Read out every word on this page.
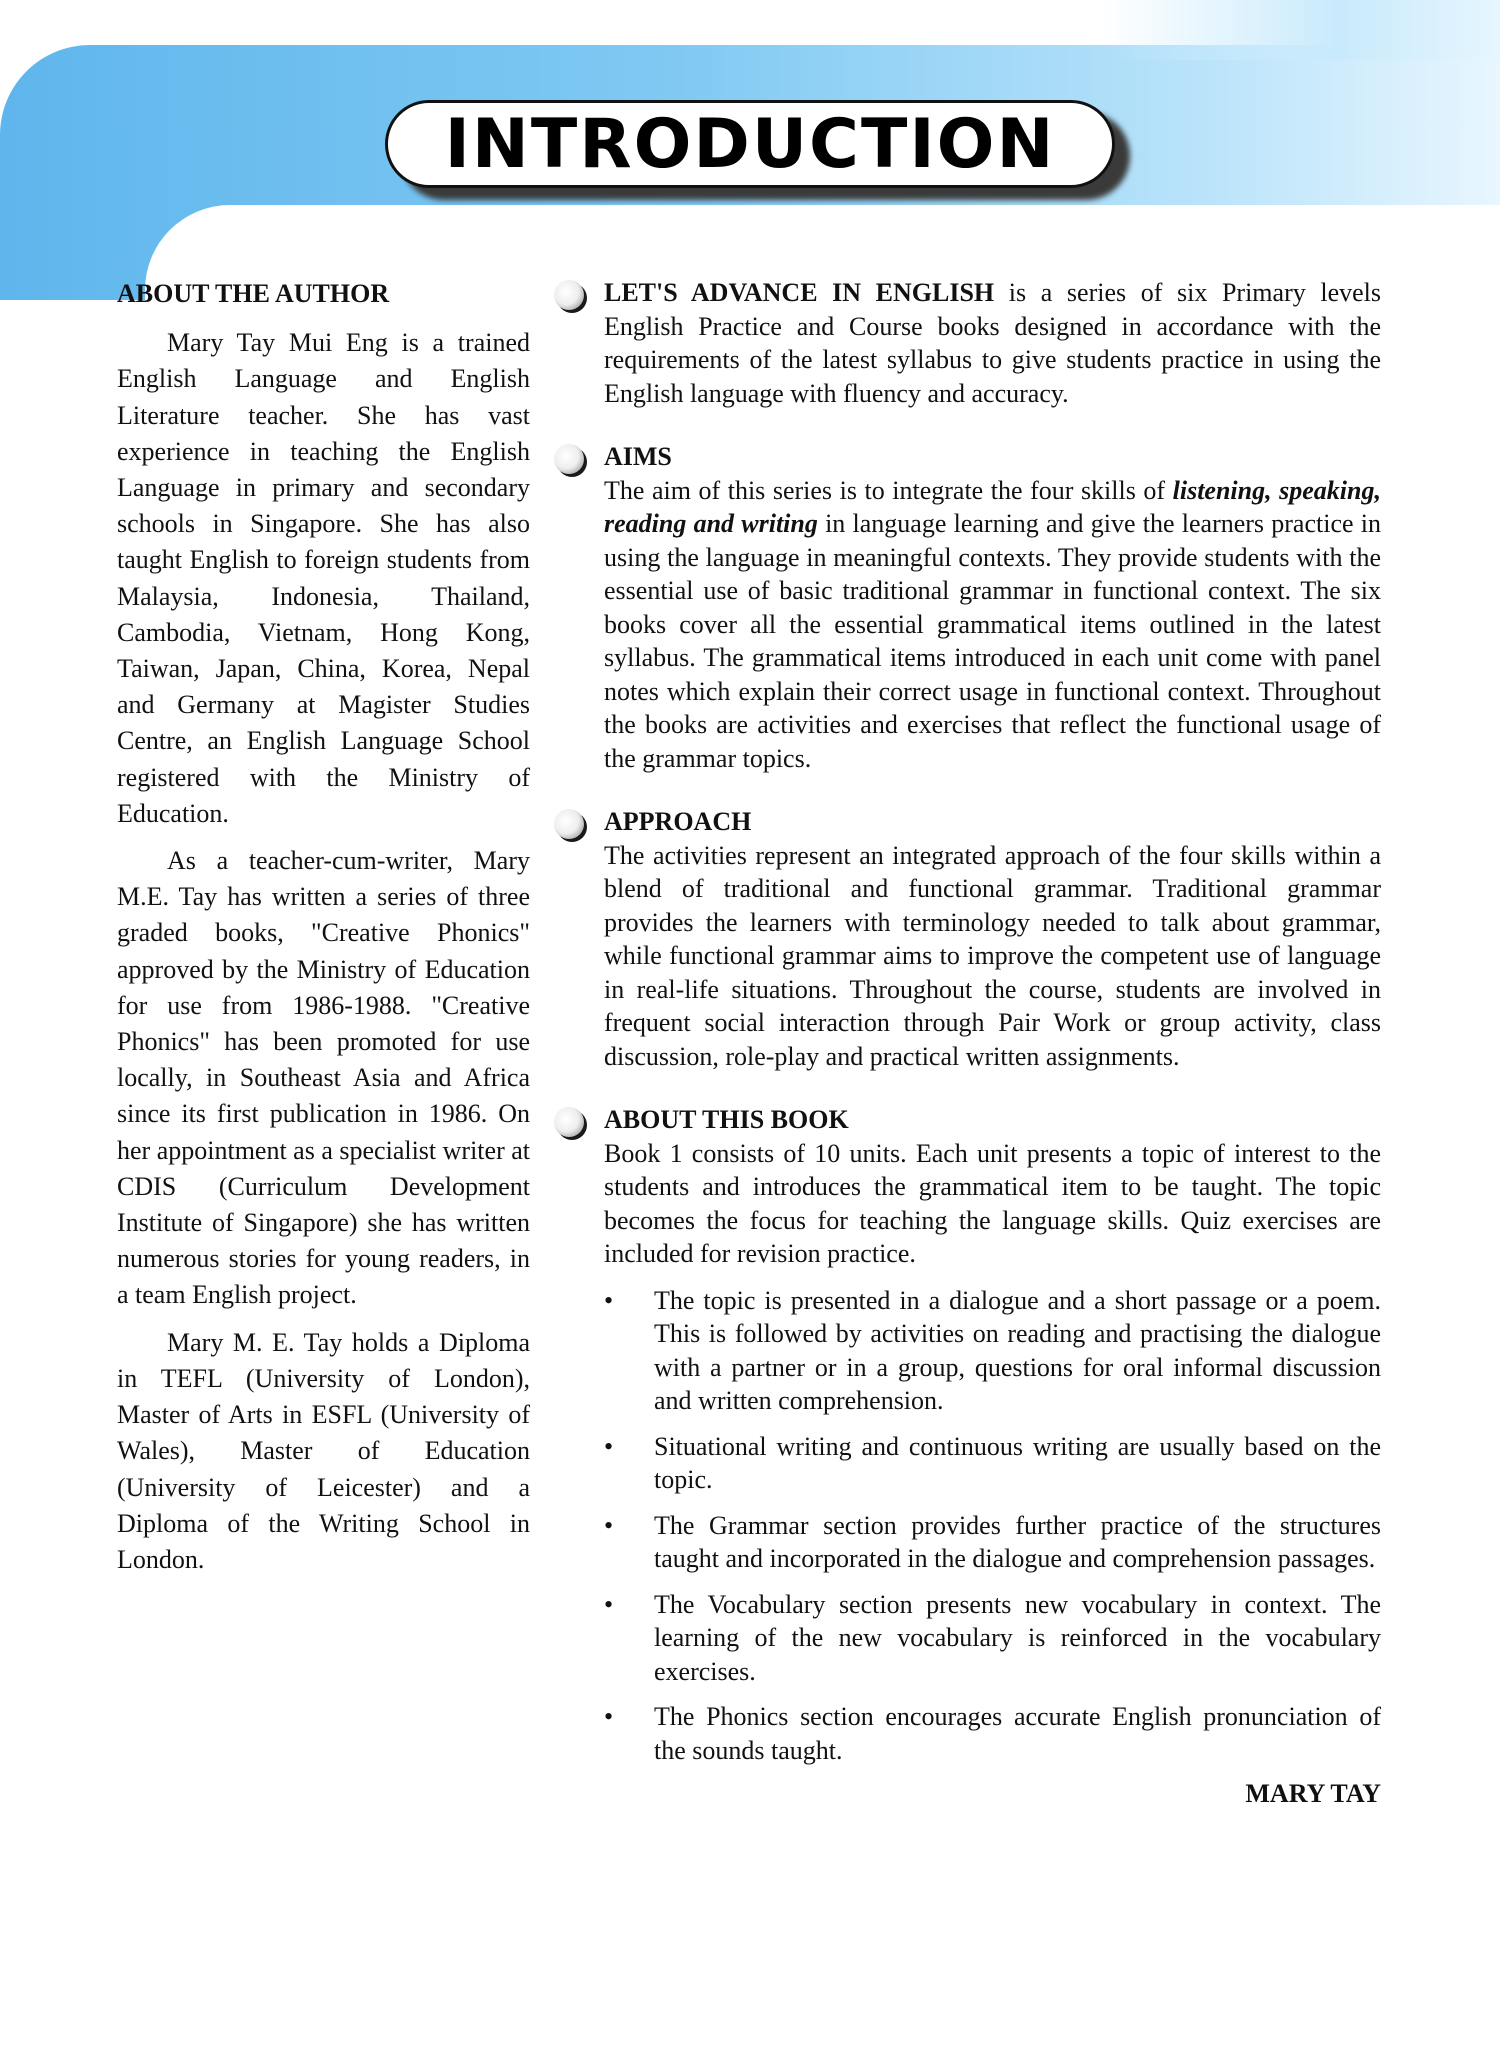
INTRODUCTION
ABOUT THE AUTHOR

Mary Tay Mui Eng is a trained English Language and English Literature teacher. She has vast experience in teaching the English Language in primary and secondary schools in Singapore. She has also taught English to foreign students from Malaysia, Indonesia, Thailand, Cambodia, Vietnam, Hong Kong, Taiwan, Japan, China, Korea, Nepal and Germany at Magister Studies Centre, an English Language School registered with the Ministry of Education.

As a teacher-cum-writer, Mary M.E. Tay has written a series of three graded books, "Creative Phonics" approved by the Ministry of Education for use from 1986-1988. "Creative Phonics" has been promoted for use locally, in Southeast Asia and Africa since its first publication in 1986. On her appointment as a specialist writer at CDIS (Curriculum Development Institute of Singapore) she has written numerous stories for young readers, in a team English project.

Mary M. E. Tay holds a Diploma in TEFL (University of London), Master of Arts in ESFL (University of Wales), Master of Education (University of Leicester) and a Diploma of the Writing School in London.

LET'S ADVANCE IN ENGLISH is a series of six Primary levels English Practice and Course books designed in accordance with the requirements of the latest syllabus to give students practice in using the English language with fluency and accuracy.

AIMS

The aim of this series is to integrate the four skills of listening, speaking, reading and writing in language learning and give the learners practice in using the language in meaningful contexts. They provide students with the essential use of basic traditional grammar in functional context. The six books cover all the essential grammatical items outlined in the latest syllabus. The grammatical items introduced in each unit come with panel notes which explain their correct usage in functional context. Throughout the books are activities and exercises that reflect the functional usage of the grammar topics.

APPROACH

The activities represent an integrated approach of the four skills within a blend of traditional and functional grammar. Traditional grammar provides the learners with terminology needed to talk about grammar, while functional grammar aims to improve the competent use of language in real-life situations. Throughout the course, students are involved in frequent social interaction through Pair Work or group activity, class discussion, role-play and practical written assignments.

ABOUT THIS BOOK

Book 1 consists of 10 units. Each unit presents a topic of interest to the students and introduces the grammatical item to be taught. The topic becomes the focus for teaching the language skills. Quiz exercises are included for revision practice.

• The topic is presented in a dialogue and a short passage or a poem. This is followed by activities on reading and practising the dialogue with a partner or in a group, questions for oral informal discussion and written comprehension.
• Situational writing and continuous writing are usually based on the topic.
• The Grammar section provides further practice of the structures taught and incorporated in the dialogue and comprehension passages.
• The Vocabulary section presents new vocabulary in context. The learning of the new vocabulary is reinforced in the vocabulary exercises.
• The Phonics section encourages accurate English pronunciation of the sounds taught.
MARY TAY
